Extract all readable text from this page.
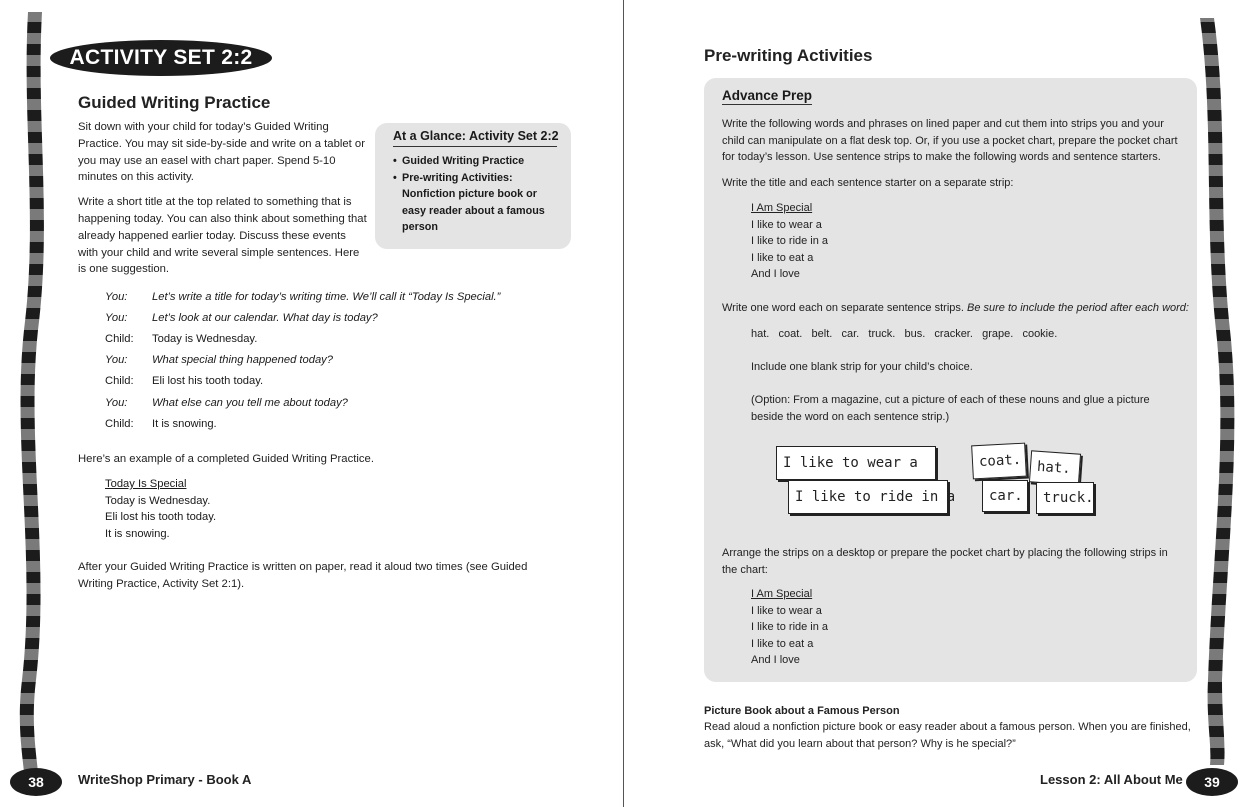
ACTIVITY SET 2:2
Guided Writing Practice

Sit down with your child for today’s Guided Writing Practice. You may sit side-by-side and write on a tablet or you may use an easel with chart paper. Spend 5-10 minutes on this activity.

Write a short title at the top related to something that is happening today. You can also think about something that already happened earlier today. Discuss these events with your child and write several simple sentences. Here is one suggestion.

At a Glance: Activity Set 2:2
• Guided Writing Practice
• Pre-writing Activities: Nonfiction picture book or easy reader about a famous person
You:	Let’s write a title for today’s writing time. We’ll call it “Today Is Special.”
You:	Let’s look at our calendar. What day is today?
Child:	Today is Wednesday.
You:	What special thing happened today?
Child:	Eli lost his tooth today.
You:	What else can you tell me about today?
Child:	It is snowing.
Here’s an example of a completed Guided Writing Practice.
Today Is Special
Today is Wednesday.
Eli lost his tooth today.
It is snowing.
After your Guided Writing Practice is written on paper, read it aloud two times (see Guided Writing Practice, Activity Set 2:1).
38	WriteShop Primary - Book A
Pre-writing Activities
Advance Prep
Write the following words and phrases on lined paper and cut them into strips you and your child can manipulate on a flat desk top. Or, if you use a pocket chart, prepare the pocket chart for today’s lesson. Use sentence strips to make the following words and sentence starters.
Write the title and each sentence starter on a separate strip:
I Am Special
I like to wear a
I like to ride in a
I like to eat a
And I love
Write one word each on separate sentence strips. Be sure to include the period after each word:
hat.   coat.   belt.   car.   truck.   bus.   cracker.   grape.   cookie.
Include one blank strip for your child’s choice.
(Option: From a magazine, cut a picture of each of these nouns and glue a picture beside the word on each sentence strip.)
I like to wear a
I like to ride in a
coat.	hat.
car.	truck.
Arrange the strips on a desktop or prepare the pocket chart by placing the following strips in the chart:
I Am Special
I like to wear a
I like to ride in a
I like to eat a
And I love
Picture Book about a Famous Person
Read aloud a nonfiction picture book or easy reader about a famous person. When you are finished, ask, “What did you learn about that person? Why is he special?”
Lesson 2: All About Me	39
